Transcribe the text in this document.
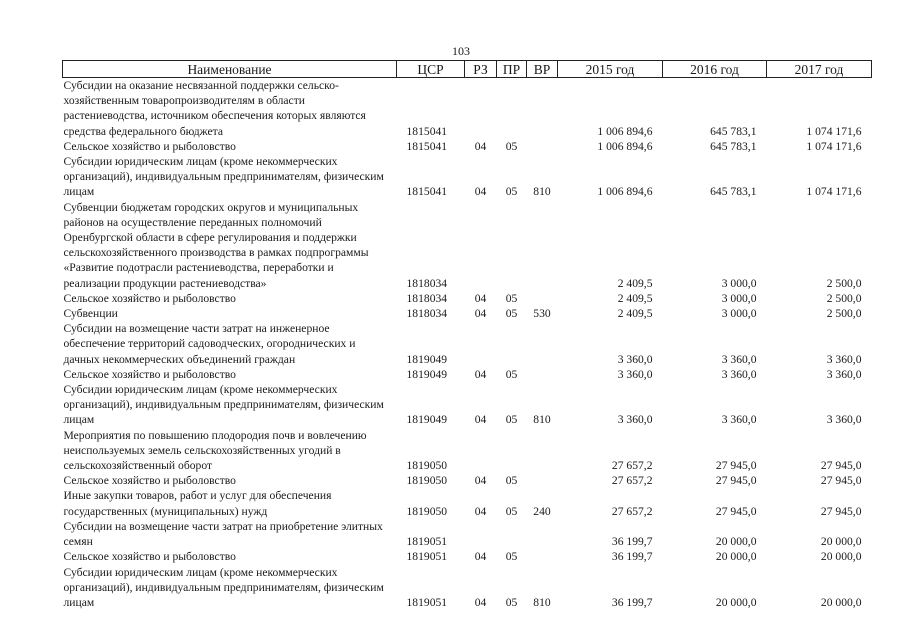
103
Наименование	ЦСР	РЗ	ПР	ВР	2015 год	2016 год	2017 год
Субсидии на оказание несвязанной поддержки сельско-хозяйственным товаропроизводителям в области растениеводства, источником обеспечения которых являются средства федерального бюджета	1815041				1 006 894,6	645 783,1	1 074 171,6
Сельское хозяйство и рыболовство	1815041	04	05		1 006 894,6	645 783,1	1 074 171,6
Субсидии юридическим лицам (кроме некоммерческих организаций), индивидуальным предпринимателям, физическим лицам	1815041	04	05	810	1 006 894,6	645 783,1	1 074 171,6
Субвенции бюджетам городских округов и муниципальных районов на осуществление переданных полномочий Оренбургской области в сфере регулирования и поддержки сельскохозяйственного производства в рамках подпрограммы «Развитие подотрасли растениеводства, переработки и реализации продукции растениеводства»	1818034				2 409,5	3 000,0	2 500,0
Сельское хозяйство и рыболовство	1818034	04	05		2 409,5	3 000,0	2 500,0
Субвенции	1818034	04	05	530	2 409,5	3 000,0	2 500,0
Субсидии на возмещение части затрат на инженерное обеспечение территорий садоводческих, огороднических и дачных некоммерческих объединений граждан	1819049				3 360,0	3 360,0	3 360,0
Сельское хозяйство и рыболовство	1819049	04	05		3 360,0	3 360,0	3 360,0
Субсидии юридическим лицам (кроме некоммерческих организаций), индивидуальным предпринимателям, физическим лицам	1819049	04	05	810	3 360,0	3 360,0	3 360,0
Мероприятия по повышению плодородия почв и вовлечению неиспользуемых земель сельскохозяйственных угодий в сельскохозяйственный оборот	1819050				27 657,2	27 945,0	27 945,0
Сельское хозяйство и рыболовство	1819050	04	05		27 657,2	27 945,0	27 945,0
Иные закупки товаров, работ и услуг для обеспечения государственных (муниципальных) нужд	1819050	04	05	240	27 657,2	27 945,0	27 945,0
Субсидии на возмещение части затрат на приобретение элитных семян	1819051				36 199,7	20 000,0	20 000,0
Сельское хозяйство и рыболовство	1819051	04	05		36 199,7	20 000,0	20 000,0
Субсидии юридическим лицам (кроме некоммерческих организаций), индивидуальным предпринимателям, физическим лицам	1819051	04	05	810	36 199,7	20 000,0	20 000,0
